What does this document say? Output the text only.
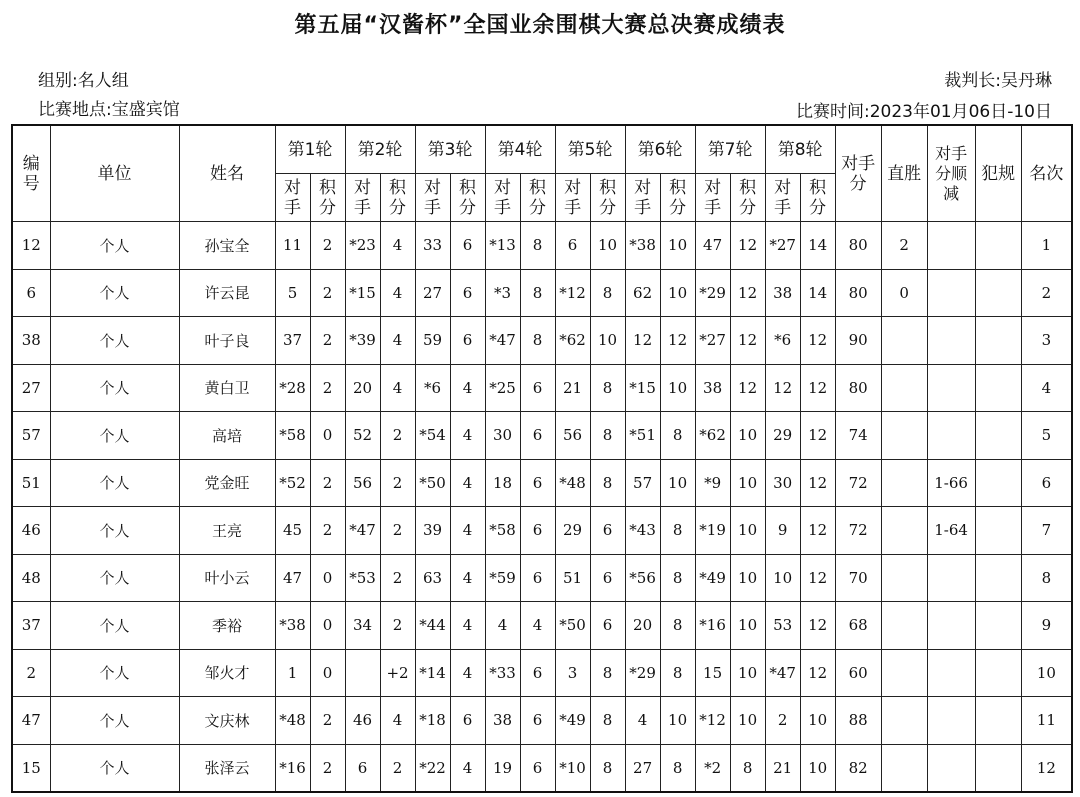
第五届“汉酱杯”全国业余围棋大赛总决赛成绩表
组别:名人组
比赛地点:宝盛宾馆
裁判长:吴丹琳
比赛时间:2023年01月06日-10日
编号	单位	姓名	第1轮		第2轮		第3轮		第4轮		第5轮		第6轮		第7轮		第8轮		对手分	直胜	对手分顺减	犯规	名次
			对手	积分	对手	积分	对手	积分	对手	积分	对手	积分	对手	积分	对手	积分	对手	积分					
12	个人	孙宝全	11	2	*23	4	33	6	*13	8	6	10	*38	10	47	12	*27	14	80	2			1
6	个人	许云昆	5	2	*15	4	27	6	*3	8	*12	8	62	10	*29	12	38	14	80	0			2
38	个人	叶子良	37	2	*39	4	59	6	*47	8	*62	10	12	12	*27	12	*6	12	90				3
27	个人	黄白卫	*28	2	20	4	*6	4	*25	6	21	8	*15	10	38	12	12	12	80				4
57	个人	高培	*58	0	52	2	*54	4	30	6	56	8	*51	8	*62	10	29	12	74				5
51	个人	党金旺	*52	2	56	2	*50	4	18	6	*48	8	57	10	*9	10	30	12	72		1-66		6
46	个人	王亮	45	2	*47	2	39	4	*58	6	29	6	*43	8	*19	10	9	12	72		1-64		7
48	个人	叶小云	47	0	*53	2	63	4	*59	6	51	6	*56	8	*49	10	10	12	70				8
37	个人	季裕	*38	0	34	2	*44	4	4	4	*50	6	20	8	*16	10	53	12	68				9
2	个人	邹火才	1	0		+2	*14	4	*33	6	3	8	*29	8	15	10	*47	12	60				10
47	个人	文庆林	*48	2	46	4	*18	6	38	6	*49	8	4	10	*12	10	2	10	88				11
15	个人	张泽云	*16	2	6	2	*22	4	19	6	*10	8	27	8	*2	8	21	10	82				12
